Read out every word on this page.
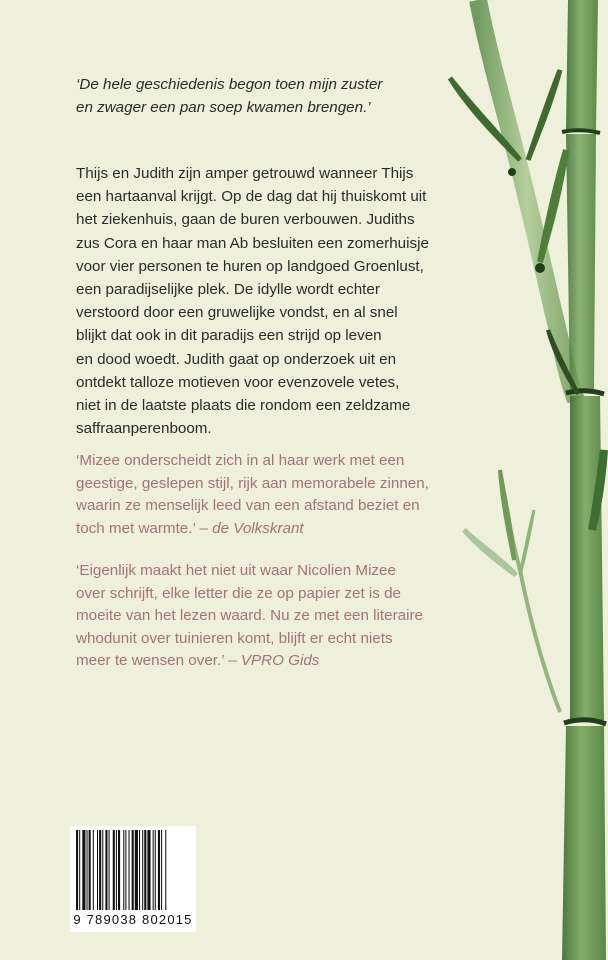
‘De hele geschiedenis begon toen mijn zuster
en zwager een pan soep kwamen brengen.’
Thijs en Judith zijn amper getrouwd wanneer Thijs
een hartaanval krijgt. Op de dag dat hij thuiskomt uit
het ziekenhuis, gaan de buren verbouwen. Judiths
zus Cora en haar man Ab besluiten een zomerhuisje
voor vier personen te huren op landgoed Groenlust,
een paradijselijke plek. De idylle wordt echter
verstoord door een gruwelijke vondst, en al snel
blijkt dat ook in dit paradijs een strijd op leven
en dood woedt. Judith gaat op onderzoek uit en
ontdekt talloze motieven voor evenzovele vetes,
niet in de laatste plaats die rondom een zeldzame
saffraanperenboom.
‘Mizee onderscheidt zich in al haar werk met een
geestige, geslepen stijl, rijk aan memorabele zinnen,
waarin ze menselijk leed van een afstand beziet en
toch met warmte.’ – de Volkskrant
‘Eigenlijk maakt het niet uit waar Nicolien Mizee
over schrijft, elke letter die ze op papier zet is de
moeite van het lezen waard. Nu ze met een literaire
whodunit over tuinieren komt, blijft er echt niets
meer te wensen over.’ – VPRO Gids
9 789038 802015
